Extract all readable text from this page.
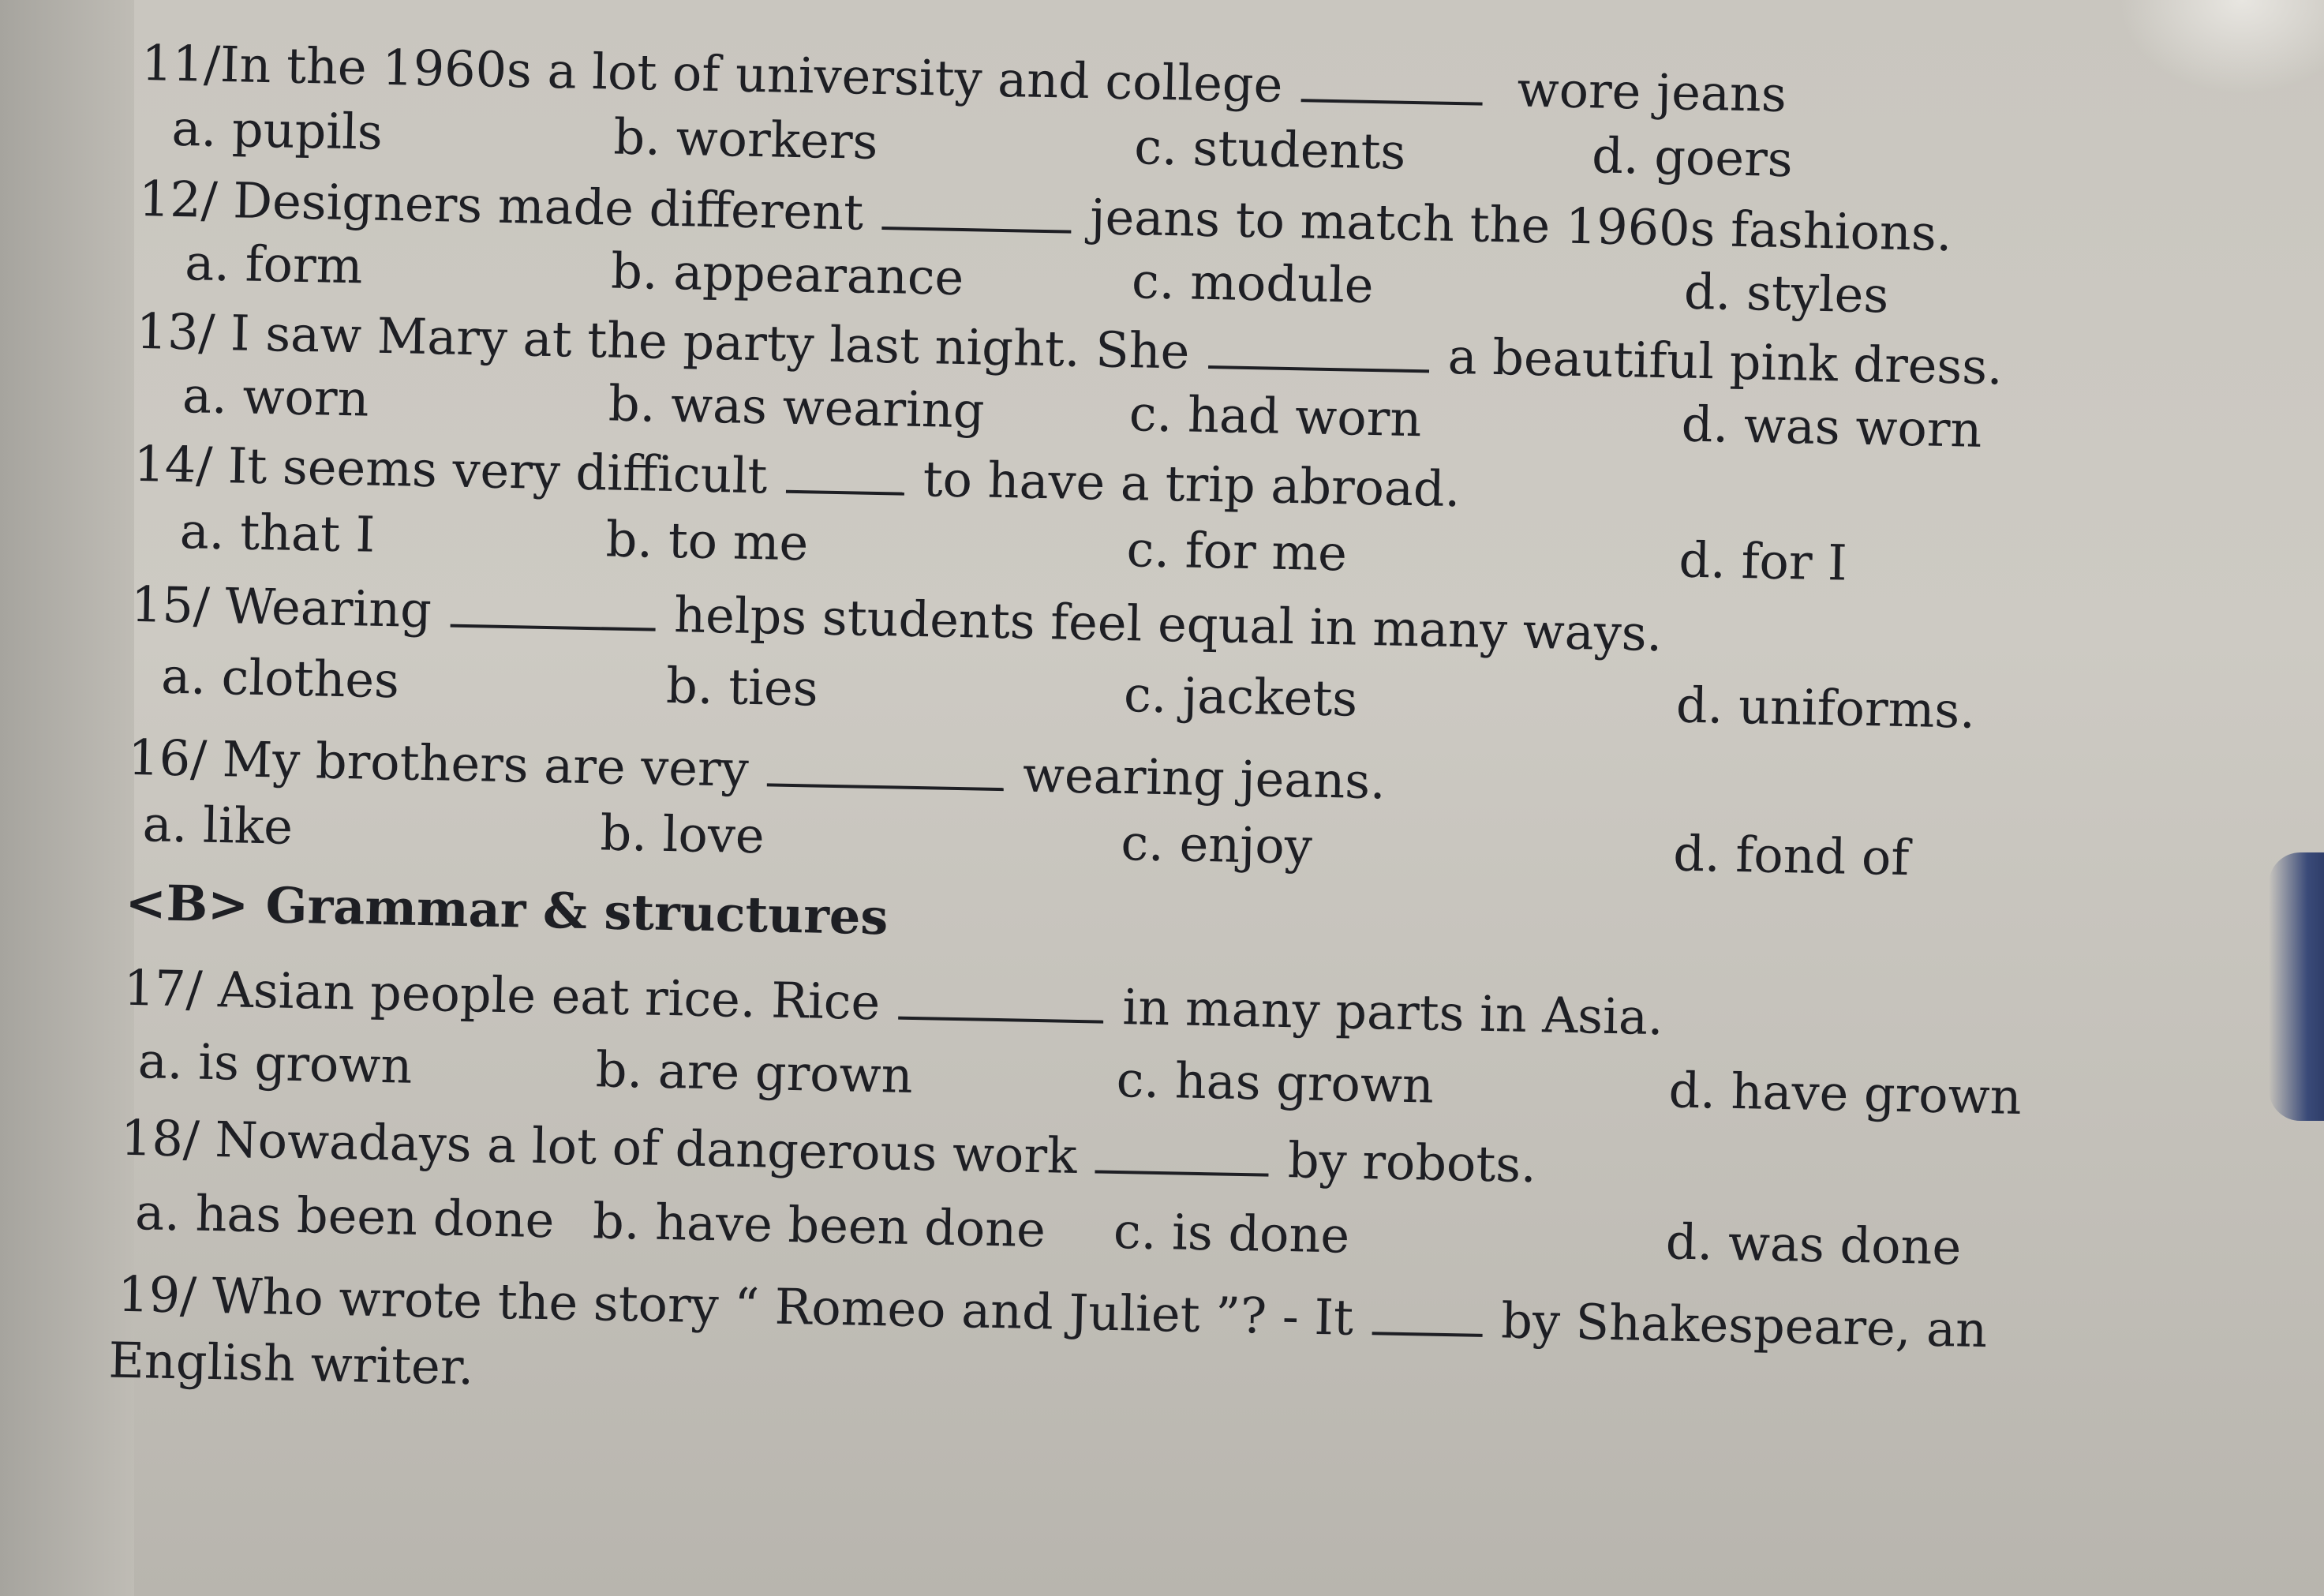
11/In the 1960s a lot of university and college	wore jeans
a. pupils	b. workers	c. students	d. goers
12/ Designers made different	jeans to match the 1960s fashions.
a. form	b. appearance	c. module	d. styles
13/ I saw Mary at the party last night. She	a beautiful pink dress.
a. worn	b. was wearing	c. had worn	d. was worn
14/ It seems very difficult	to have a trip abroad.
a. that I	b. to me	c. for me	d. for I
15/ Wearing	helps students feel equal in many ways.
a. clothes	b. ties	c. jackets	d. uniforms.
16/ My brothers are very	wearing jeans.
a. like	b. love	c. enjoy	d. fond of
<B> Grammar & structures
17/ Asian people eat rice. Rice	in many parts in Asia.
a. is grown	b. are grown	c. has grown	d. have grown
18/ Nowadays a lot of dangerous work	by robots.
a. has been done b. have been done c. is done	d. was done
19/ Who wrote the story “ Romeo and Juliet ”? - It	by Shakespeare, an
English writer.
